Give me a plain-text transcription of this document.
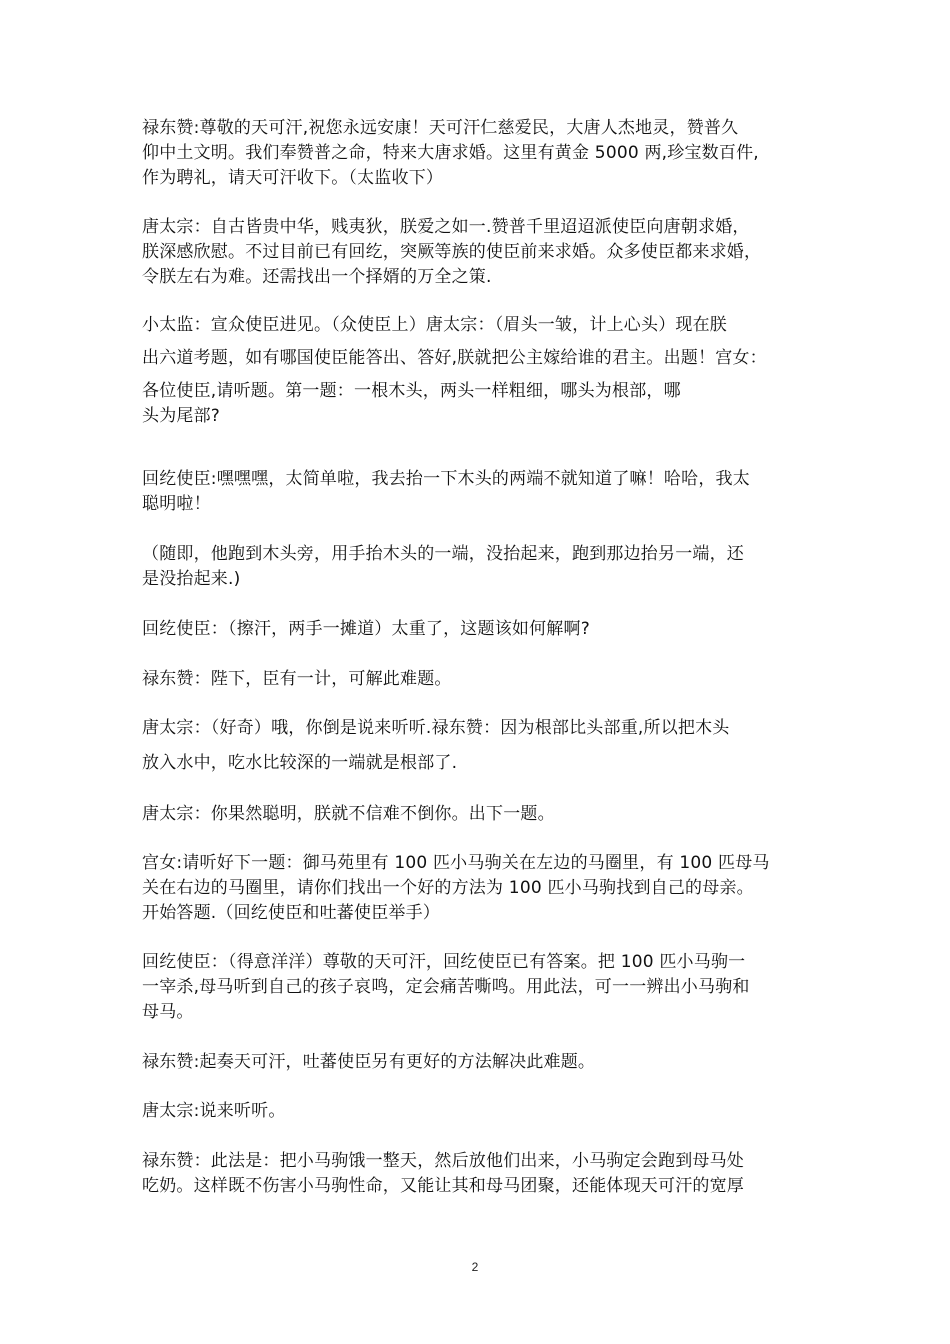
禄东赞:尊敬的天可汗,祝您永远安康！天可汗仁慈爱民，大唐人杰地灵，赞普久
仰中土文明。我们奉赞普之命，特来大唐求婚。这里有黄金 5000 两,珍宝数百件,
作为聘礼，请天可汗收下。（太监收下）

唐太宗：自古皆贵中华，贱夷狄，朕爱之如一.赞普千里迢迢派使臣向唐朝求婚，
朕深感欣慰。不过目前已有回纥，突厥等族的使臣前来求婚。众多使臣都来求婚，
令朕左右为难。还需找出一个择婿的万全之策.

小太监：宣众使臣进见。（众使臣上）唐太宗：（眉头一皱，计上心头）现在朕

出六道考题，如有哪国使臣能答出、答好,朕就把公主嫁给谁的君主。出题！宫女：

各位使臣,请听题。第一题：一根木头，两头一样粗细，哪头为根部，哪
头为尾部?

回纥使臣:嘿嘿嘿，太简单啦，我去抬一下木头的两端不就知道了嘛！哈哈，我太
聪明啦！

（随即，他跑到木头旁，用手抬木头的一端，没抬起来，跑到那边抬另一端，还
是没抬起来.)

回纥使臣：（擦汗，两手一摊道）太重了，这题该如何解啊?

禄东赞：陛下，臣有一计，可解此难题。

唐太宗：（好奇）哦，你倒是说来听听.禄东赞：因为根部比头部重,所以把木头

放入水中，吃水比较深的一端就是根部了.

唐太宗：你果然聪明，朕就不信难不倒你。出下一题。

宫女:请听好下一题：御马苑里有 100 匹小马驹关在左边的马圈里，有 100 匹母马
关在右边的马圈里，请你们找出一个好的方法为 100 匹小马驹找到自己的母亲。
开始答题.（回纥使臣和吐蕃使臣举手）

回纥使臣：（得意洋洋）尊敬的天可汗，回纥使臣已有答案。把 100 匹小马驹一
一宰杀,母马听到自己的孩子哀鸣，定会痛苦嘶鸣。用此法，可一一辨出小马驹和
母马。

禄东赞:起奏天可汗，吐蕃使臣另有更好的方法解决此难题。

唐太宗:说来听听。

禄东赞：此法是：把小马驹饿一整天，然后放他们出来，小马驹定会跑到母马处
吃奶。这样既不伤害小马驹性命，又能让其和母马团聚，还能体现天可汗的宽厚

2
